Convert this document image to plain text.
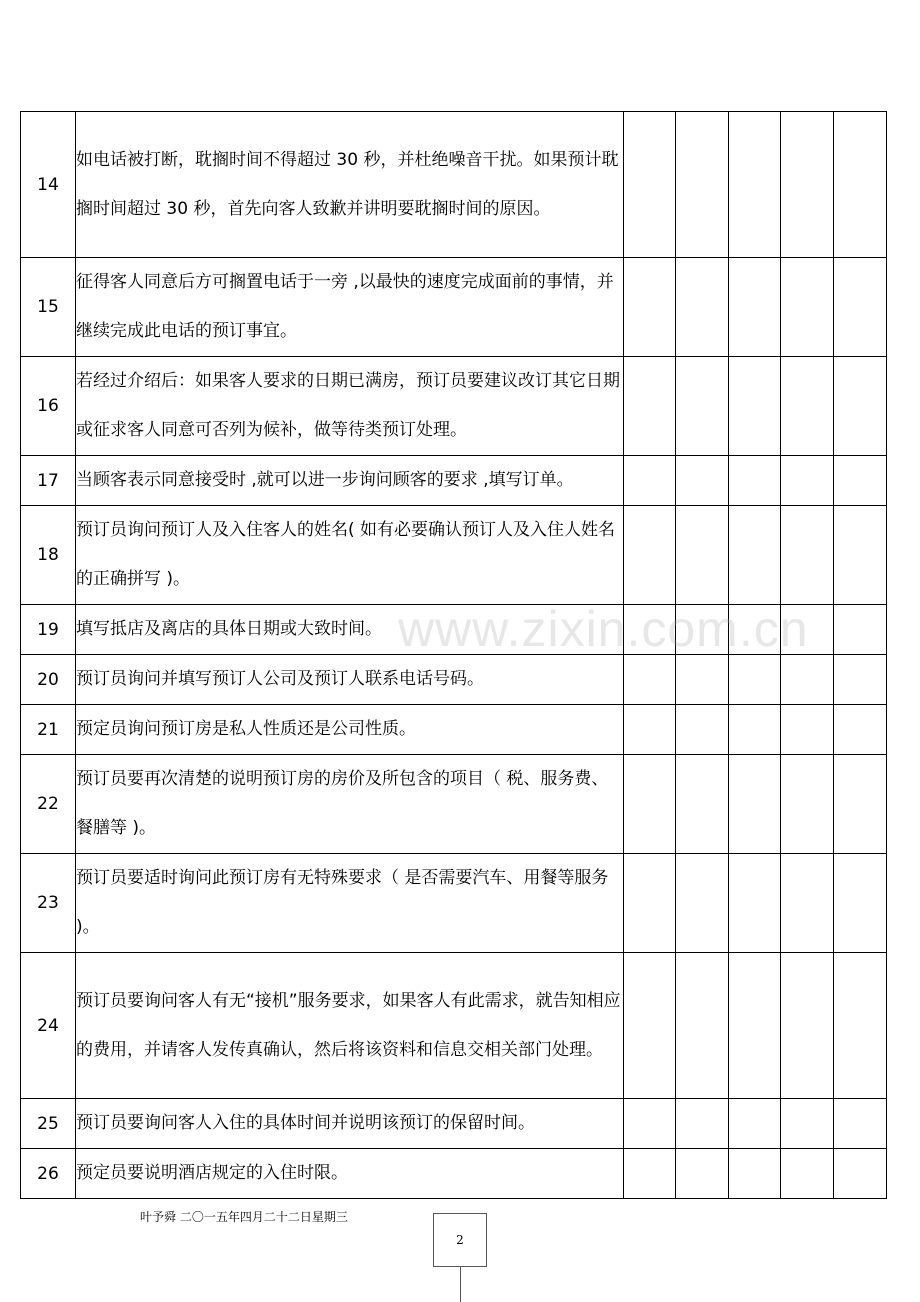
14	如电话被打断，耽搁时间不得超过 30 秒，并杜绝噪音干扰。如果预计耽搁时间超过 30 秒，首先向客人致歉并讲明要耽搁时间的原因。					
15	征得客人同意后方可搁置电话于一旁 ,以最快的速度完成面前的事情，并继续完成此电话的预订事宜。					
16	若经过介绍后：如果客人要求的日期已满房，预订员要建议改订其它日期或征求客人同意可否列为候补，做等待类预订处理。					
17	当顾客表示同意接受时 ,就可以进一步询问顾客的要求 ,填写订单。					
18	预订员询问预订人及入住客人的姓名( 如有必要确认预订人及入住人姓名的正确拼写 )。					
19	填写抵店及离店的具体日期或大致时间。					
20	预订员询问并填写预订人公司及预订人联系电话号码。					
21	预定员询问预订房是私人性质还是公司性质。					
22	预订员要再次清楚的说明预订房的房价及所包含的项目（ 税、服务费、餐膳等 )。					
23	预订员要适时询问此预订房有无特殊要求（ 是否需要汽车、用餐等服务 )。					
24	预订员要询问客人有无“接机”服务要求，如果客人有此需求，就告知相应的费用，并请客人发传真确认，然后将该资料和信息交相关部门处理。					
25	预订员要询问客人入住的具体时间并说明该预订的保留时间。					
26	预定员要说明酒店规定的入住时限。					
www.zixin.com.cn
叶予舜 二〇一五年四月二十二日星期三
2
